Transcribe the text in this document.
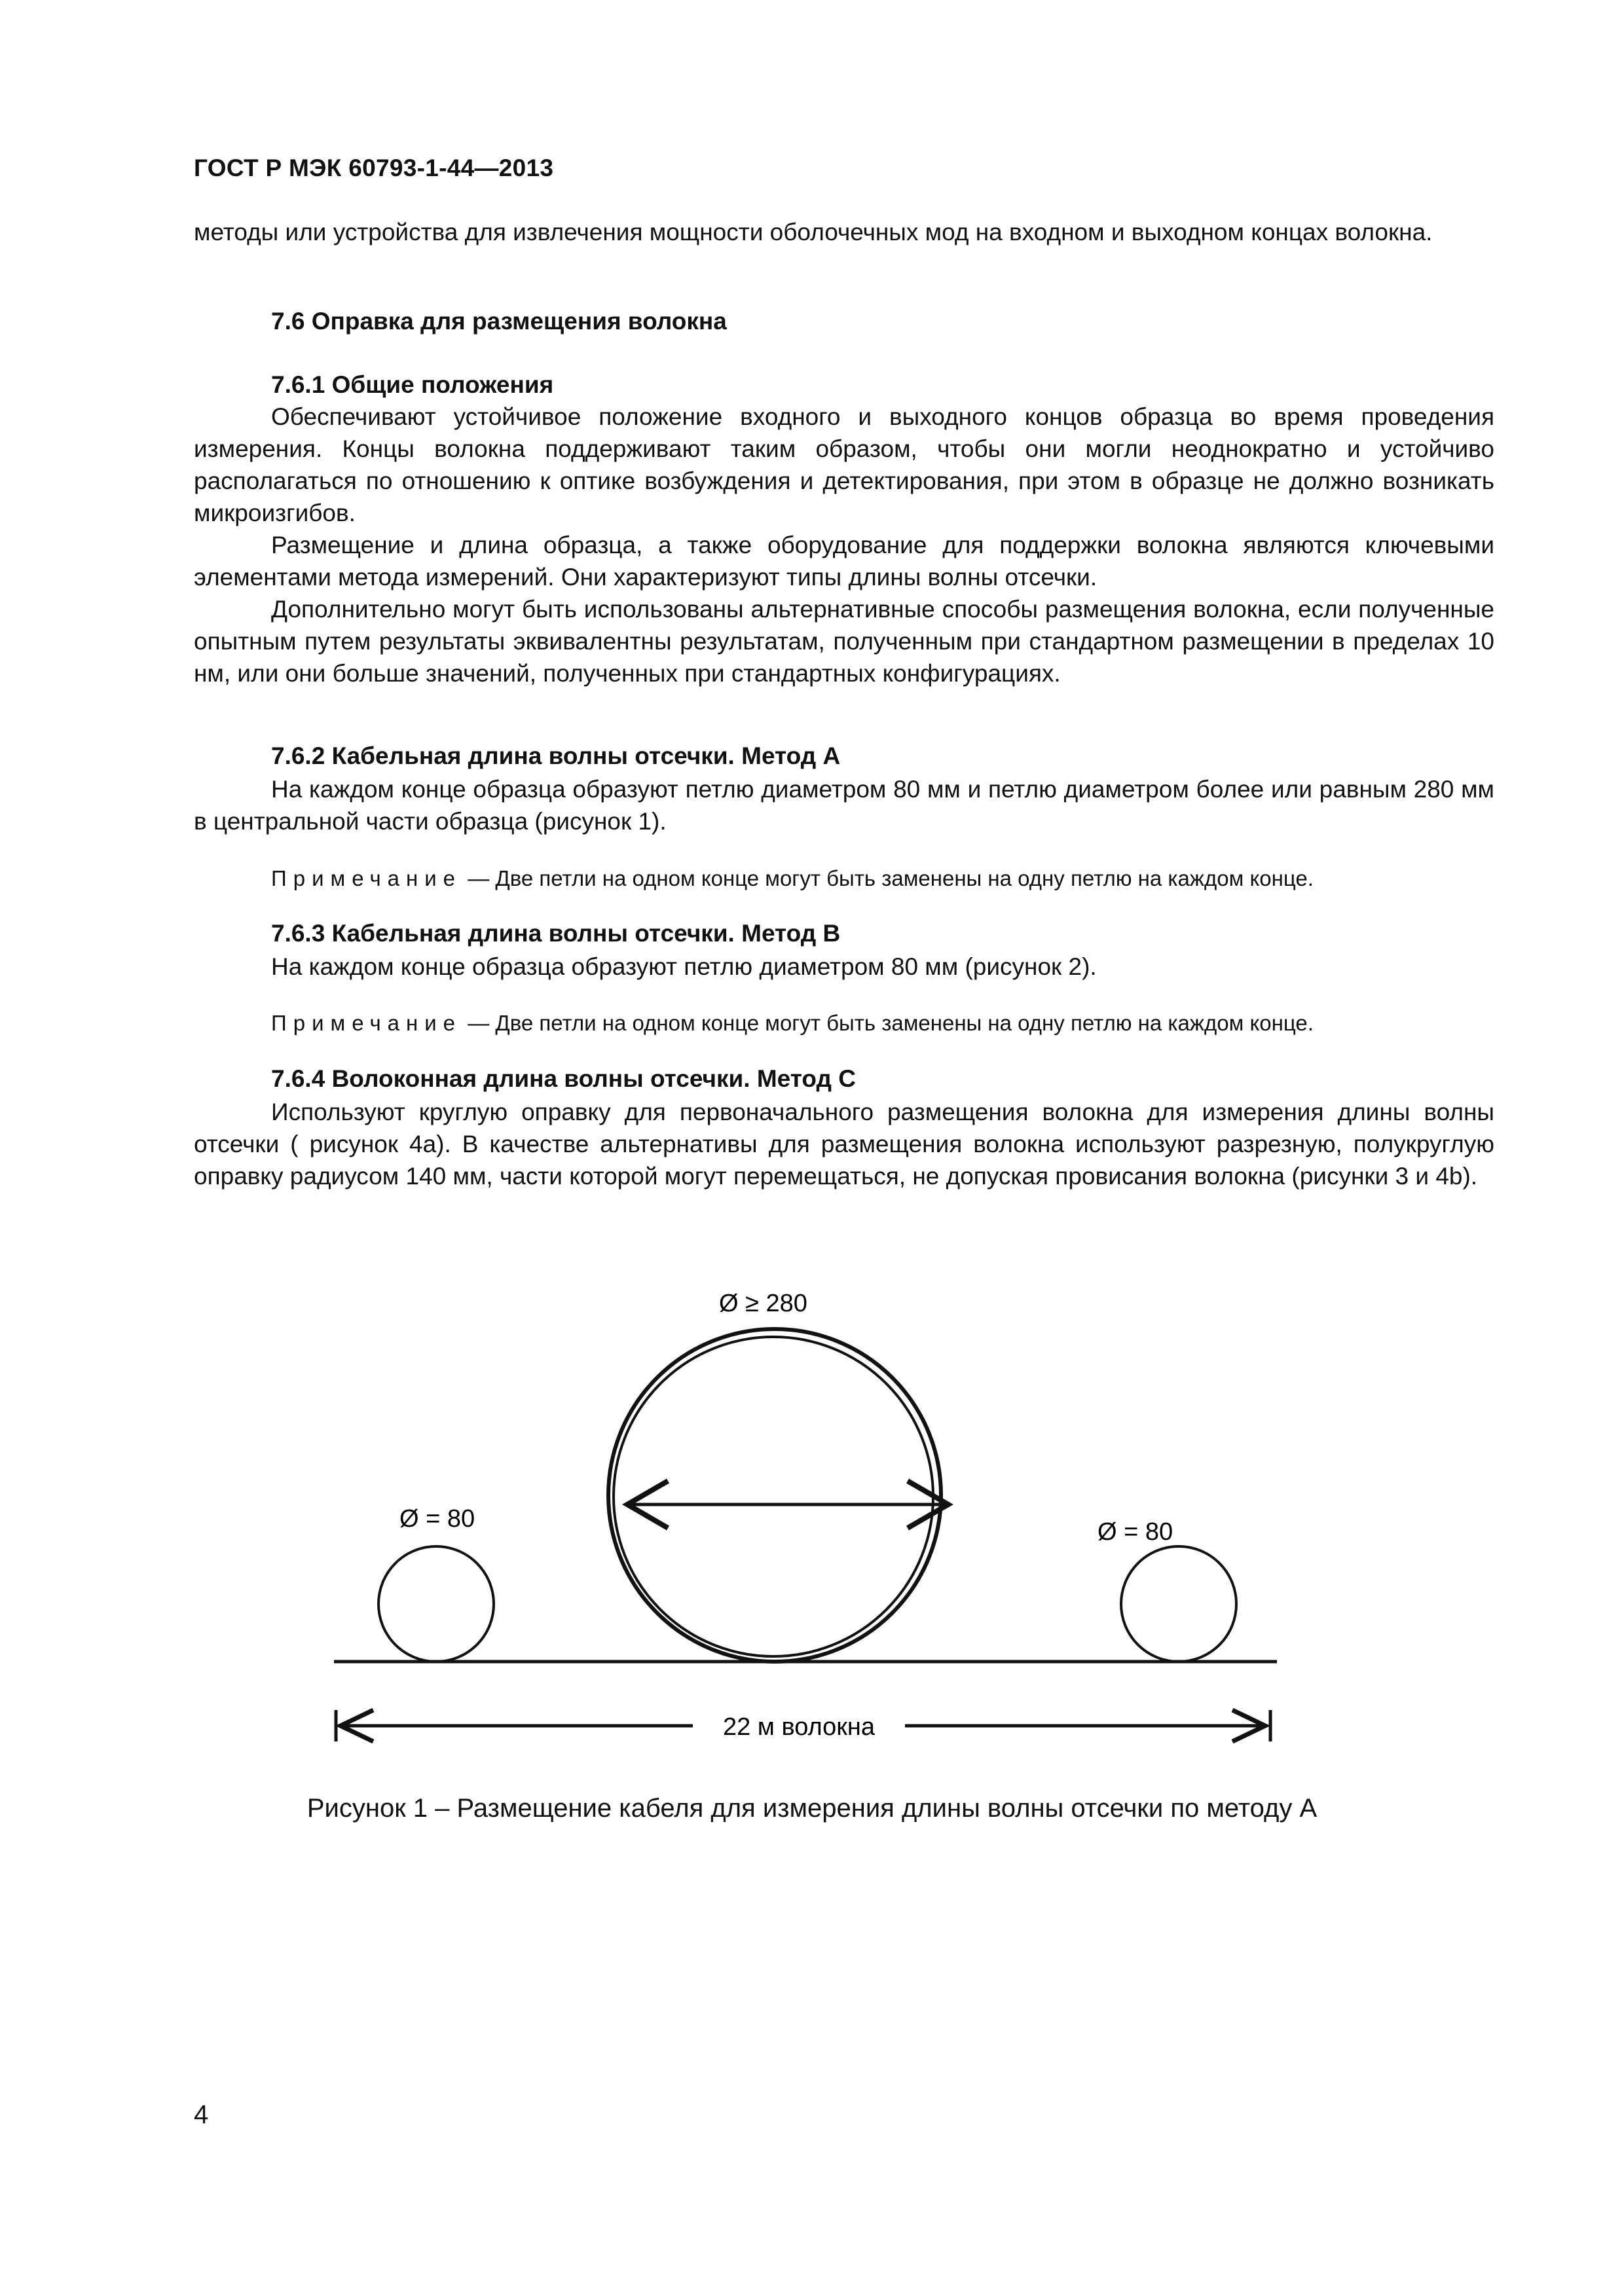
ГОСТ Р МЭК 60793-1-44—2013

методы или устройства для извлечения мощности оболочечных мод на входном и выходном концах волокна.

7.6 Оправка для размещения волокна
7.6.1 Общие положения

Обеспечивают устойчивое положение входного и выходного концов образца во время проведения измерения. Концы волокна поддерживают таким образом, чтобы они могли неоднократно и устойчиво располагаться по отношению к оптике возбуждения и детектирования, при этом в образце не должно возникать микроизгибов.

Размещение и длина образца, а также оборудование для поддержки волокна являются ключевыми элементами метода измерений. Они характеризуют типы длины волны отсечки.

Дополнительно могут быть использованы альтернативные способы размещения волокна, если полученные опытным путем результаты эквивалентны результатам, полученным при стандартном размещении в пределах 10 нм, или они больше значений, полученных при стандартных конфигурациях.

7.6.2 Кабельная длина волны отсечки. Метод А

На каждом конце образца образуют петлю диаметром 80 мм и петлю диаметром более или равным 280 мм в центральной части образца (рисунок 1).

Примечание — Две петли на одном конце могут быть заменены на одну петлю на каждом конце.
7.6.3 Кабельная длина волны отсечки. Метод В

На каждом конце образца образуют петлю диаметром 80 мм (рисунок 2).

Примечание — Две петли на одном конце могут быть заменены на одну петлю на каждом конце.
7.6.4 Волоконная длина волны отсечки. Метод С

Используют круглую оправку для первоначального размещения волокна для измерения длины волны отсечки ( рисунок 4а). В качестве альтернативы для размещения волокна используют разрезную, полукруглую оправку радиусом 140 мм, части которой могут перемещаться, не допуская провисания волокна (рисунки 3 и 4b).

Ø = 80
Ø ≥ 280
Ø = 80
22 м волокна
Рисунок 1 – Размещение кабеля для измерения длины волны отсечки по методу А
4
